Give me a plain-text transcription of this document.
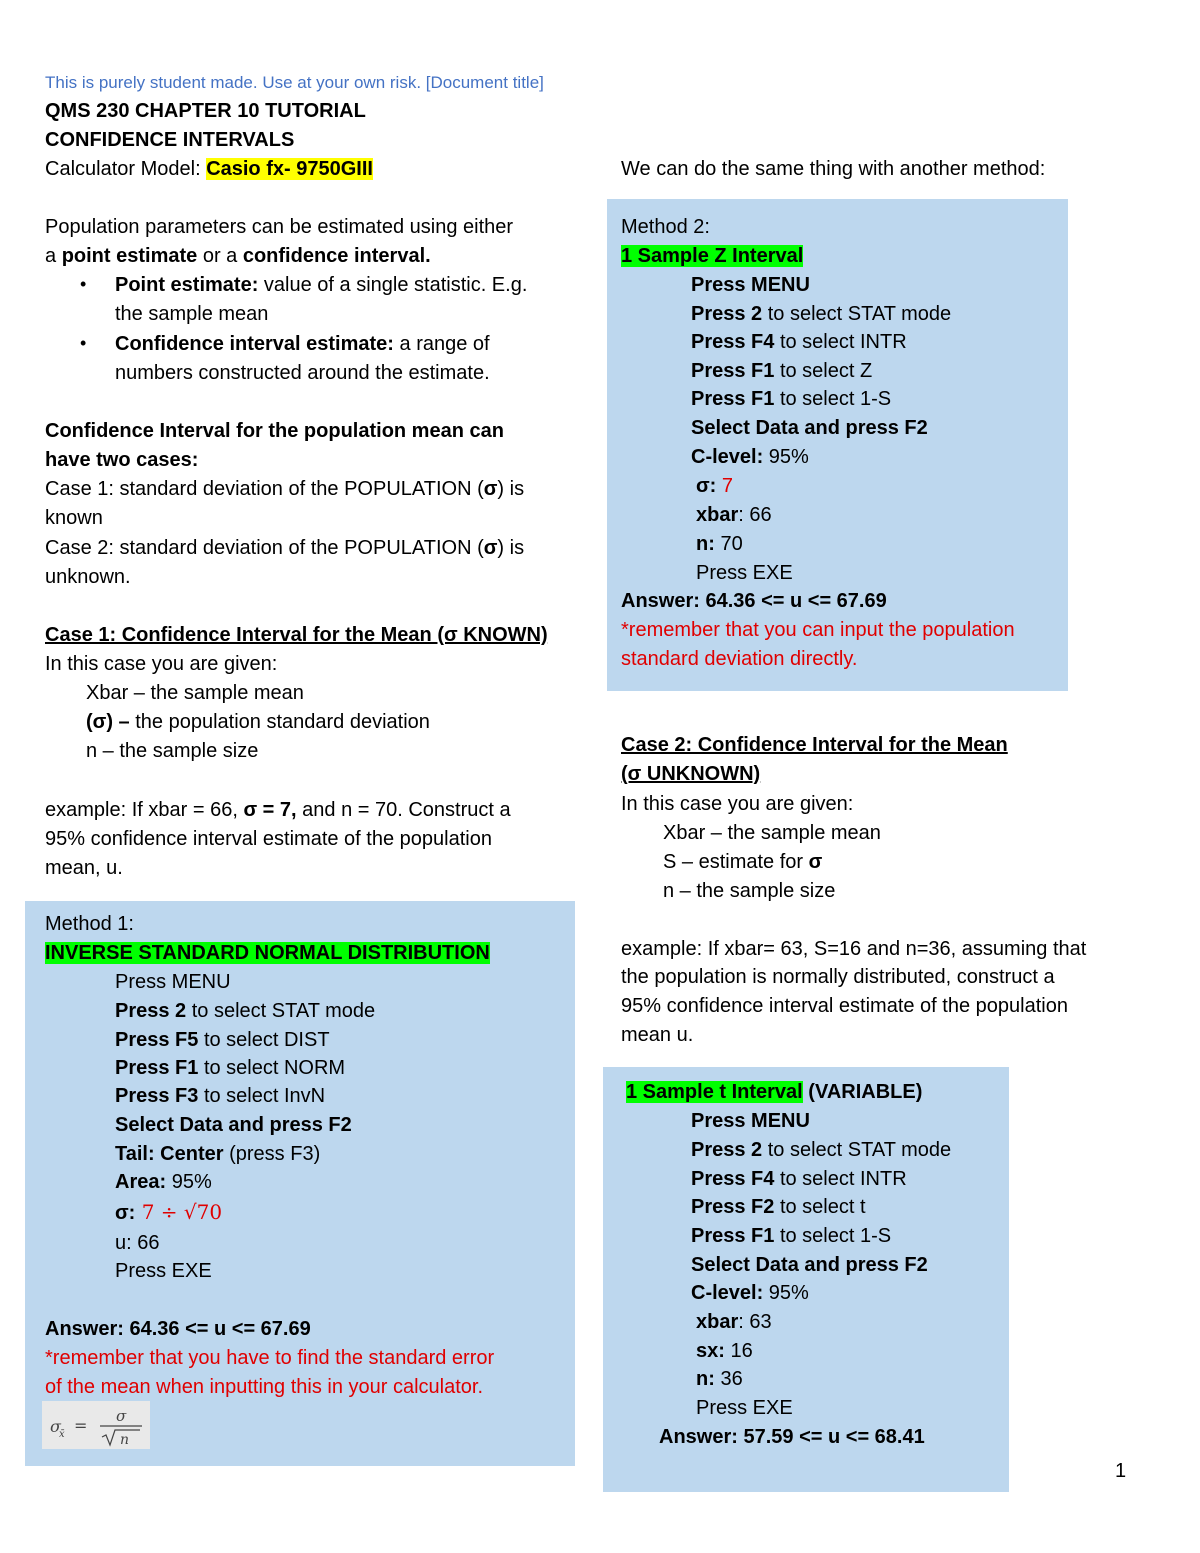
This is purely student made. Use at your own risk. [Document title]
QMS 230 CHAPTER 10 TUTORIAL
CONFIDENCE INTERVALS
Calculator Model: Casio fx- 9750GIII
Population parameters can be estimated using either
a point estimate or a confidence interval.
• Point estimate: value of a single statistic. E.g.
the sample mean
• Confidence interval estimate: a range of
numbers constructed around the estimate.
Confidence Interval for the population mean can
have two cases:
Case 1: standard deviation of the POPULATION (σ) is
known
Case 2: standard deviation of the POPULATION (σ) is
unknown.
Case 1: Confidence Interval for the Mean (σ KNOWN)
In this case you are given:
Xbar – the sample mean
(σ) – the population standard deviation
n – the sample size
example: If xbar = 66, σ = 7, and n = 70. Construct a
95% confidence interval estimate of the population
mean, u.
Method 1:
INVERSE STANDARD NORMAL DISTRIBUTION
Press MENU
Press 2 to select STAT mode
Press F5 to select DIST
Press F1 to select NORM
Press F3 to select InvN
Select Data and press F2
Tail: Center (press F3)
Area: 95%
σ: 7 ÷ √70
u: 66
Press EXE
Answer: 64.36 <= u <= 67.69
*remember that you have to find the standard error
of the mean when inputting this in your calculator.
σ
x̄ = σ
n
We can do the same thing with another method:
Method 2:
1 Sample Z Interval
Press MENU
Press 2 to select STAT mode
Press F4 to select INTR
Press F1 to select Z
Press F1 to select 1-S
Select Data and press F2
C-level: 95%
σ: 7
xbar: 66
n: 70
Press EXE
Answer: 64.36 <= u <= 67.69
*remember that you can input the population
standard deviation directly.
Case 2: Confidence Interval for the Mean
(σ UNKNOWN)
In this case you are given:
Xbar – the sample mean
S – estimate for σ
n – the sample size
example: If xbar= 63, S=16 and n=36, assuming that
the population is normally distributed, construct a
95% confidence interval estimate of the population
mean u.
1 Sample t Interval (VARIABLE)
Press MENU
Press 2 to select STAT mode
Press F4 to select INTR
Press F2 to select t
Press F1 to select 1-S
Select Data and press F2
C-level: 95%
xbar: 63
sx: 16
n: 36
Press EXE
Answer: 57.59 <= u <= 68.41
1
